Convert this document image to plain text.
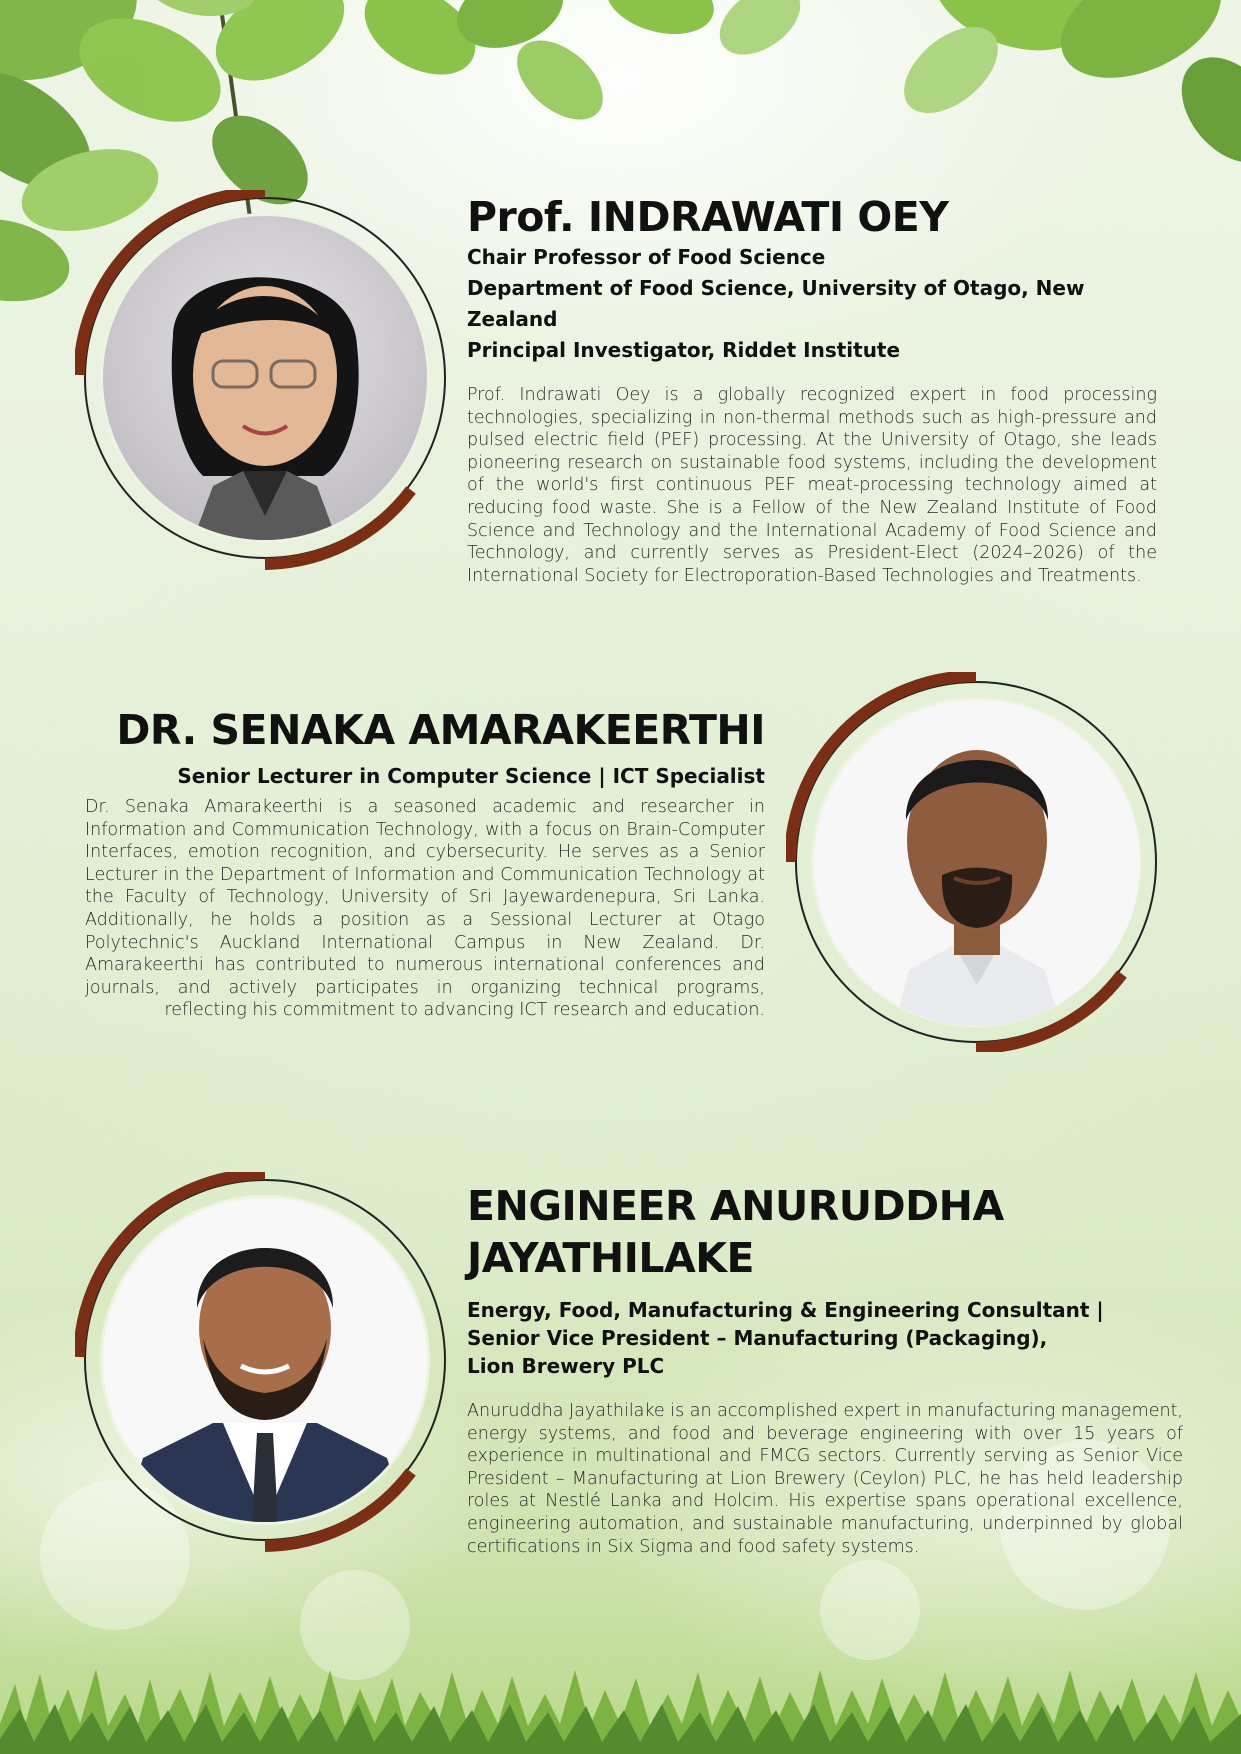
Prof. INDRAWATI OEY

Chair Professor of Food Science

Department of Food Science, University of Otago, New Zealand

Principal Investigator, Riddet Institute

Prof. Indrawati Oey is a globally recognized expert in food processing technologies, specializing in non-thermal methods such as high-pressure and pulsed electric field (PEF) processing. At the University of Otago, she leads pioneering research on sustainable food systems, including the development of the world's first continuous PEF meat-processing technology aimed at reducing food waste. She is a Fellow of the New Zealand Institute of Food Science and Technology and the International Academy of Food Science and Technology, and currently serves as President-Elect (2024–2026) of the International Society for Electroporation-Based Technologies and Treatments.

DR. SENAKA AMARAKEERTHI

Senior Lecturer in Computer Science | ICT Specialist

Dr. Senaka Amarakeerthi is a seasoned academic and researcher in Information and Communication Technology, with a focus on Brain-Computer Interfaces, emotion recognition, and cybersecurity. He serves as a Senior Lecturer in the Department of Information and Communication Technology at the Faculty of Technology, University of Sri Jayewardenepura, Sri Lanka. Additionally, he holds a position as a Sessional Lecturer at Otago Polytechnic's Auckland International Campus in New Zealand. Dr. Amarakeerthi has contributed to numerous international conferences and journals, and actively participates in organizing technical programs, reflecting his commitment to advancing ICT research and education.

ENGINEER ANURUDDHA
JAYATHILAKE

Energy, Food, Manufacturing & Engineering Consultant |

Senior Vice President – Manufacturing (Packaging),

Lion Brewery PLC

Anuruddha Jayathilake is an accomplished expert in manufacturing management, energy systems, and food and beverage engineering with over 15 years of experience in multinational and FMCG sectors. Currently serving as Senior Vice President – Manufacturing at Lion Brewery (Ceylon) PLC, he has held leadership roles at Nestlé Lanka and Holcim. His expertise spans operational excellence, engineering automation, and sustainable manufacturing, underpinned by global certifications in Six Sigma and food safety systems.
